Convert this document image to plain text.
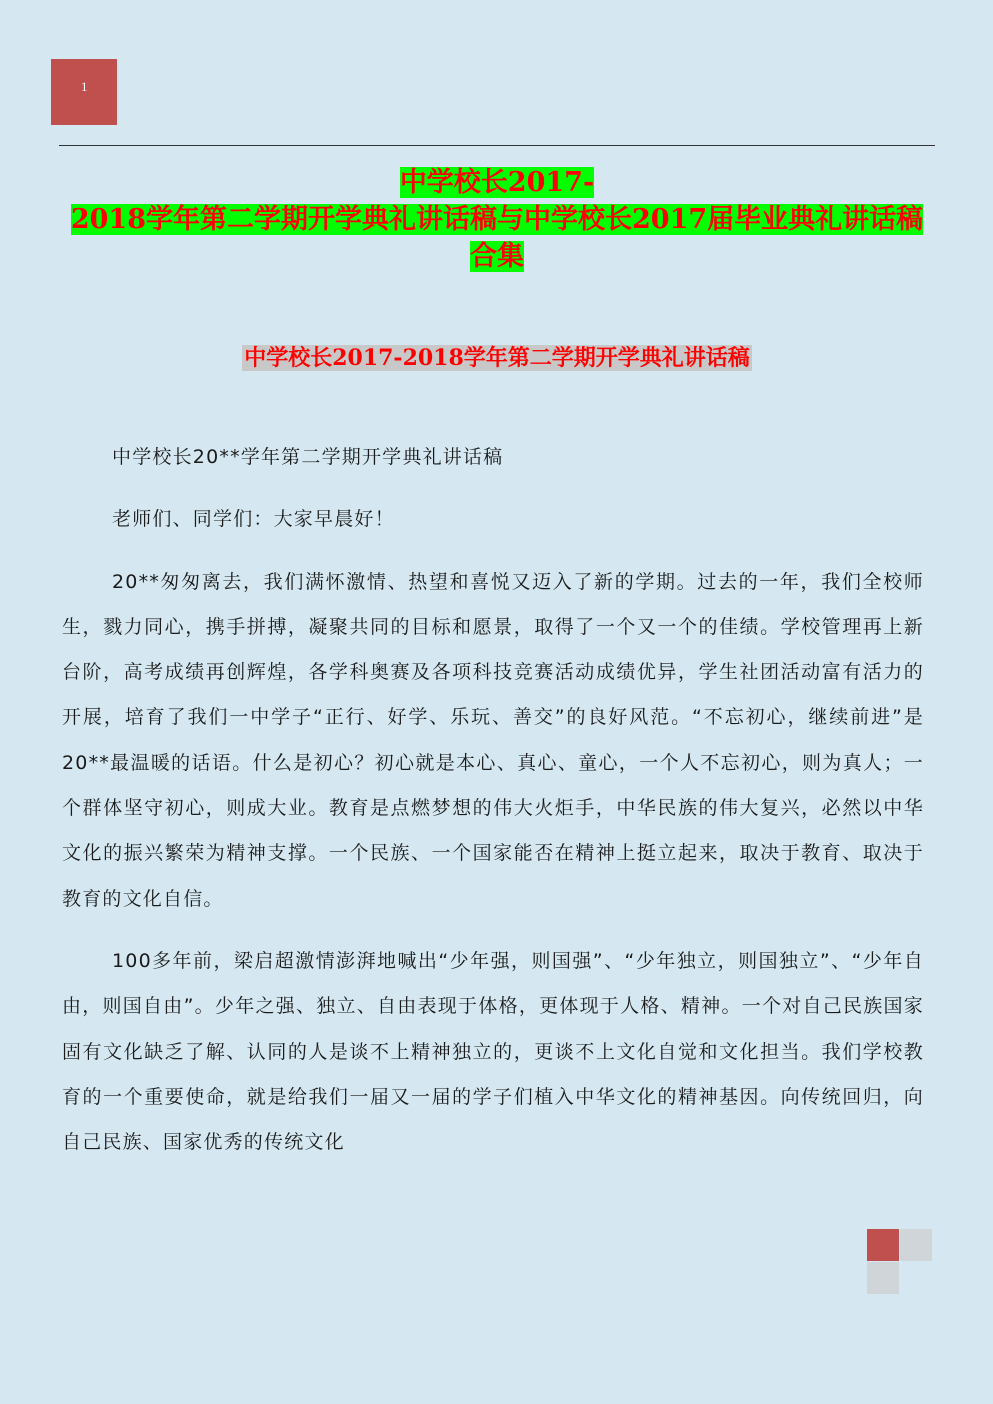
1
中学校长2017-
2018学年第二学期开学典礼讲话稿与中学校长2017届毕业典礼讲话稿
合集
中学校长2017-2018学年第二学期开学典礼讲话稿

中学校长20**学年第二学期开学典礼讲话稿

老师们、同学们：大家早晨好！

20**匆匆离去，我们满怀激情、热望和喜悦又迈入了新的学期。过去的一年，我们全校师生，戮力同心，携手拼搏，凝聚共同的目标和愿景，取得了一个又一个的佳绩。学校管理再上新台阶，高考成绩再创辉煌，各学科奥赛及各项科技竞赛活动成绩优异，学生社团活动富有活力的开展，培育了我们一中学子“正行、好学、乐玩、善交”的良好风范。“不忘初心，继续前进”是20**最温暖的话语。什么是初心？初心就是本心、真心、童心，一个人不忘初心，则为真人；一个群体坚守初心，则成大业。教育是点燃梦想的伟大火炬手，中华民族的伟大复兴，必然以中华文化的振兴繁荣为精神支撑。一个民族、一个国家能否在精神上挺立起来，取决于教育、取决于教育的文化自信。

100多年前，梁启超激情澎湃地喊出“少年强，则国强”、“少年独立，则国独立”、“少年自由，则国自由”。少年之强、独立、自由表现于体格，更体现于人格、精神。一个对自己民族国家固有文化缺乏了解、认同的人是谈不上精神独立的，更谈不上文化自觉和文化担当。我们学校教育的一个重要使命，就是给我们一届又一届的学子们植入中华文化的精神基因。向传统回归，向自己民族、国家优秀的传统文化
